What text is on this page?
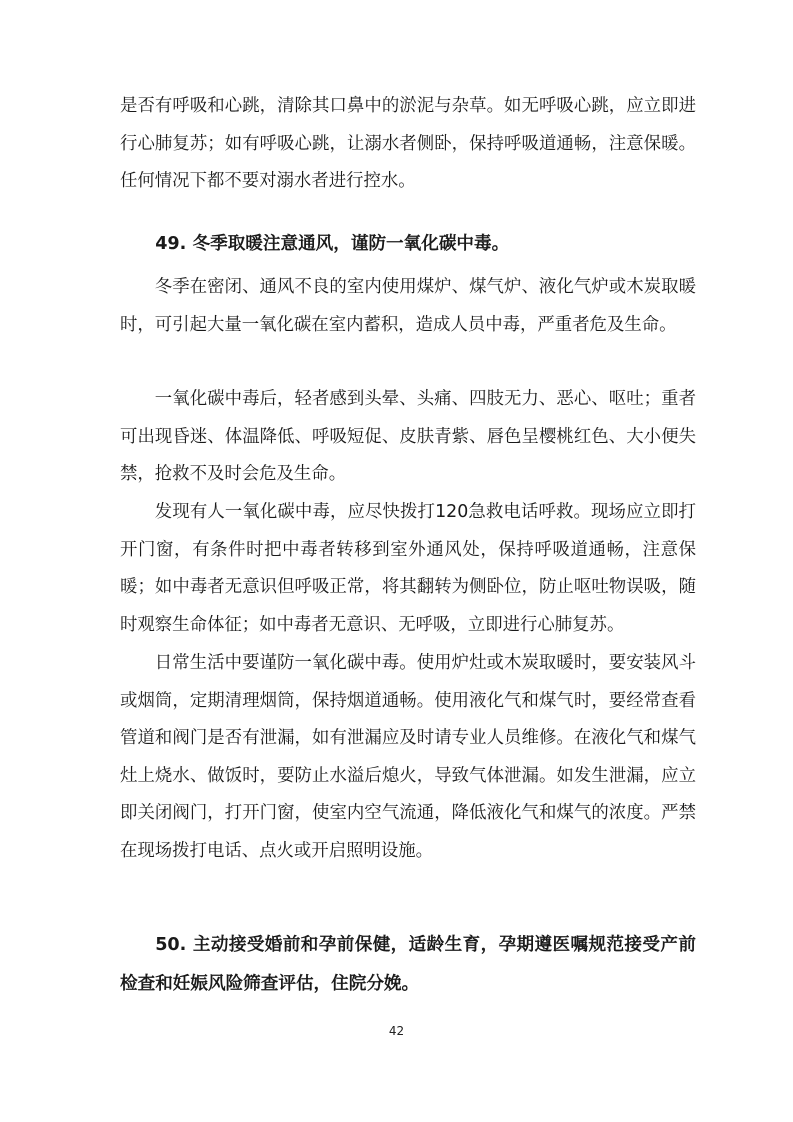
是否有呼吸和心跳，清除其口鼻中的淤泥与杂草。如无呼吸心跳，应立即进行心肺复苏；如有呼吸心跳，让溺水者侧卧，保持呼吸道通畅，注意保暖。任何情况下都不要对溺水者进行控水。

49. 冬季取暖注意通风，谨防一氧化碳中毒。

冬季在密闭、通风不良的室内使用煤炉、煤气炉、液化气炉或木炭取暖时，可引起大量一氧化碳在室内蓄积，造成人员中毒，严重者危及生命。

一氧化碳中毒后，轻者感到头晕、头痛、四肢无力、恶心、呕吐；重者可出现昏迷、体温降低、呼吸短促、皮肤青紫、唇色呈樱桃红色、大小便失禁，抢救不及时会危及生命。

发现有人一氧化碳中毒，应尽快拨打120急救电话呼救。现场应立即打开门窗，有条件时把中毒者转移到室外通风处，保持呼吸道通畅，注意保暖；如中毒者无意识但呼吸正常，将其翻转为侧卧位，防止呕吐物误吸，随时观察生命体征；如中毒者无意识、无呼吸，立即进行心肺复苏。

日常生活中要谨防一氧化碳中毒。使用炉灶或木炭取暖时，要安装风斗或烟筒，定期清理烟筒，保持烟道通畅。使用液化气和煤气时，要经常查看管道和阀门是否有泄漏，如有泄漏应及时请专业人员维修。在液化气和煤气灶上烧水、做饭时，要防止水溢后熄火，导致气体泄漏。如发生泄漏，应立即关闭阀门，打开门窗，使室内空气流通，降低液化气和煤气的浓度。严禁在现场拨打电话、点火或开启照明设施。

50. 主动接受婚前和孕前保健，适龄生育，孕期遵医嘱规范接受产前检查和妊娠风险筛查评估，住院分娩。
42
